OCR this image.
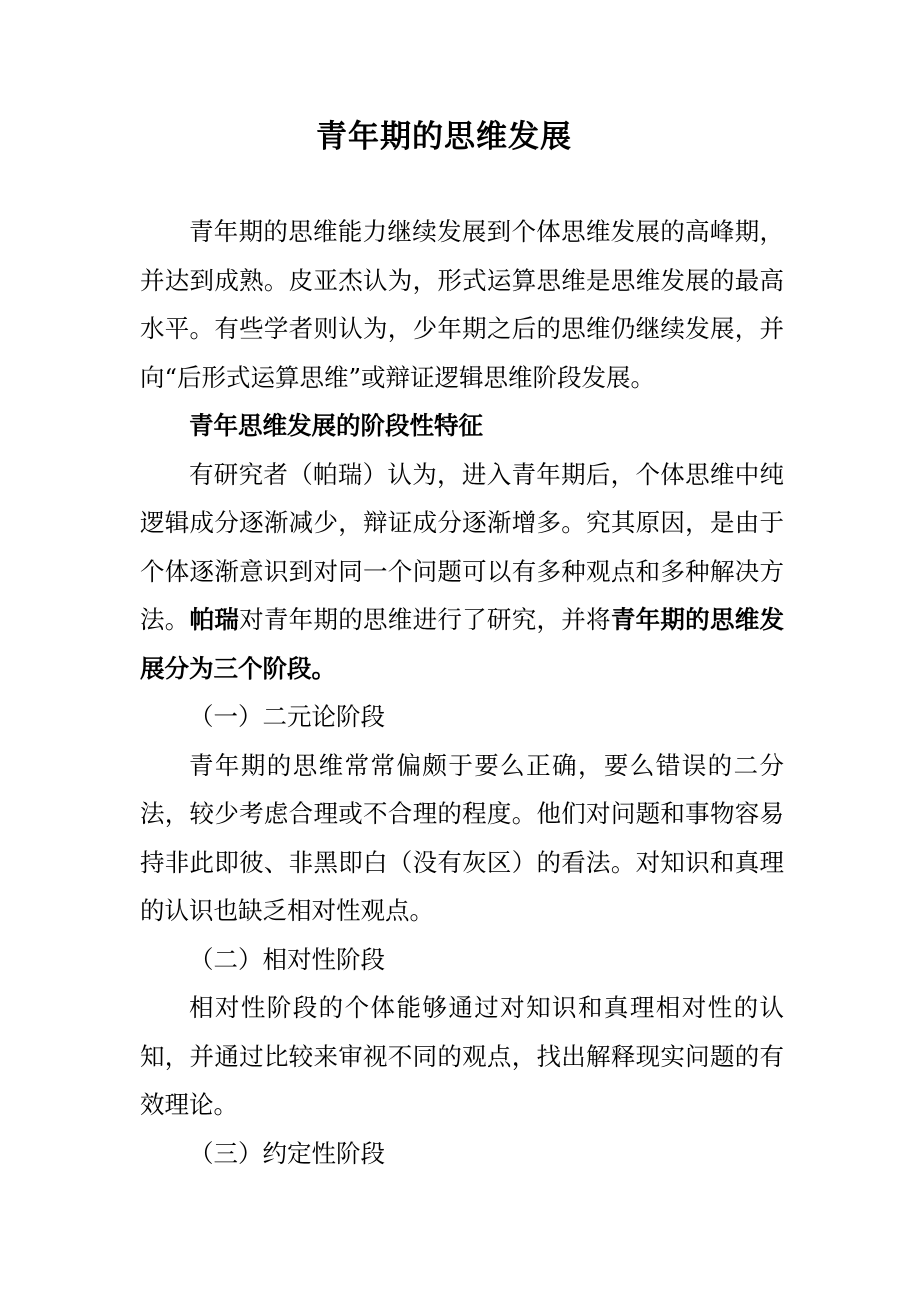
青年期的思维发展

青年期的思维能力继续发展到个体思维发展的高峰期，并达到成熟。皮亚杰认为，形式运算思维是思维发展的最高水平。有些学者则认为，少年期之后的思维仍继续发展，并向“后形式运算思维”或辩证逻辑思维阶段发展。

青年思维发展的阶段性特征

有研究者（帕瑞）认为，进入青年期后，个体思维中纯逻辑成分逐渐减少，辩证成分逐渐增多。究其原因，是由于个体逐渐意识到对同一个问题可以有多种观点和多种解决方法。帕瑞对青年期的思维进行了研究，并将青年期的思维发展分为三个阶段。

（一）二元论阶段

青年期的思维常常偏颇于要么正确，要么错误的二分法，较少考虑合理或不合理的程度。他们对问题和事物容易持非此即彼、非黑即白（没有灰区）的看法。对知识和真理的认识也缺乏相对性观点。

（二）相对性阶段

相对性阶段的个体能够通过对知识和真理相对性的认知，并通过比较来审视不同的观点，找出解释现实问题的有效理论。

（三）约定性阶段
